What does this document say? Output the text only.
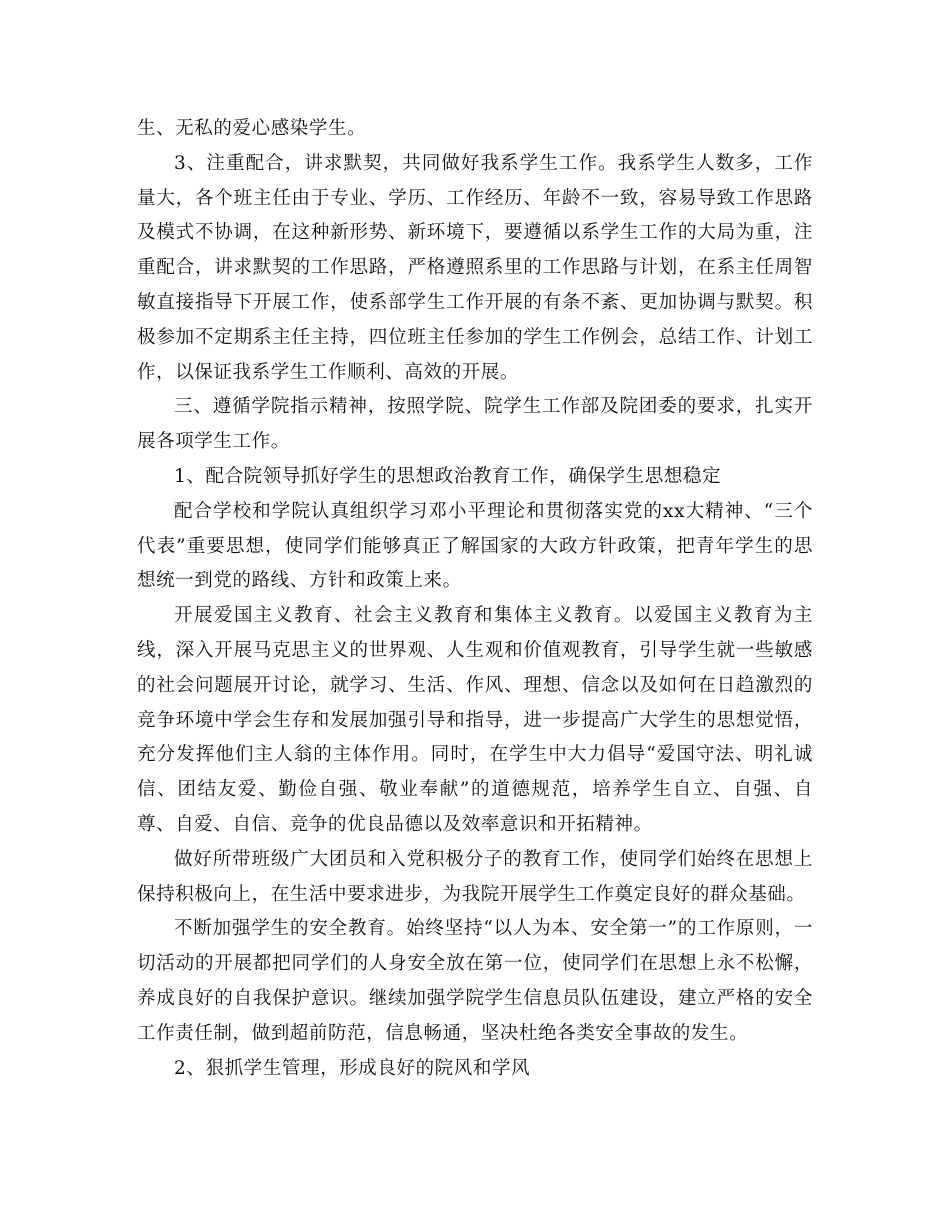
生、无私的爱心感染学生。

3、注重配合，讲求默契，共同做好我系学生工作。我系学生人数多，工作量大，各个班主任由于专业、学历、工作经历、年龄不一致，容易导致工作思路及模式不协调，在这种新形势、新环境下，要遵循以系学生工作的大局为重，注重配合，讲求默契的工作思路，严格遵照系里的工作思路与计划，在系主任周智敏直接指导下开展工作，使系部学生工作开展的有条不紊、更加协调与默契。积极参加不定期系主任主持，四位班主任参加的学生工作例会，总结工作、计划工作，以保证我系学生工作顺利、高效的开展。

三、遵循学院指示精神，按照学院、院学生工作部及院团委的要求，扎实开展各项学生工作。

1、配合院领导抓好学生的思想政治教育工作，确保学生思想稳定

配合学校和学院认真组织学习邓小平理论和贯彻落实党的xx大精神、“三个代表”重要思想，使同学们能够真正了解国家的大政方针政策，把青年学生的思想统一到党的路线、方针和政策上来。

开展爱国主义教育、社会主义教育和集体主义教育。以爱国主义教育为主线，深入开展马克思主义的世界观、人生观和价值观教育，引导学生就一些敏感的社会问题展开讨论，就学习、生活、作风、理想、信念以及如何在日趋激烈的竞争环境中学会生存和发展加强引导和指导，进一步提高广大学生的思想觉悟，充分发挥他们主人翁的主体作用。同时，在学生中大力倡导“爱国守法、明礼诚信、团结友爱、勤俭自强、敬业奉献”的道德规范，培养学生自立、自强、自尊、自爱、自信、竞争的优良品德以及效率意识和开拓精神。

做好所带班级广大团员和入党积极分子的教育工作，使同学们始终在思想上保持积极向上，在生活中要求进步，为我院开展学生工作奠定良好的群众基础。

不断加强学生的安全教育。始终坚持“以人为本、安全第一”的工作原则，一切活动的开展都把同学们的人身安全放在第一位，使同学们在思想上永不松懈，养成良好的自我保护意识。继续加强学院学生信息员队伍建设，建立严格的安全工作责任制，做到超前防范，信息畅通，坚决杜绝各类安全事故的发生。

2、狠抓学生管理，形成良好的院风和学风
